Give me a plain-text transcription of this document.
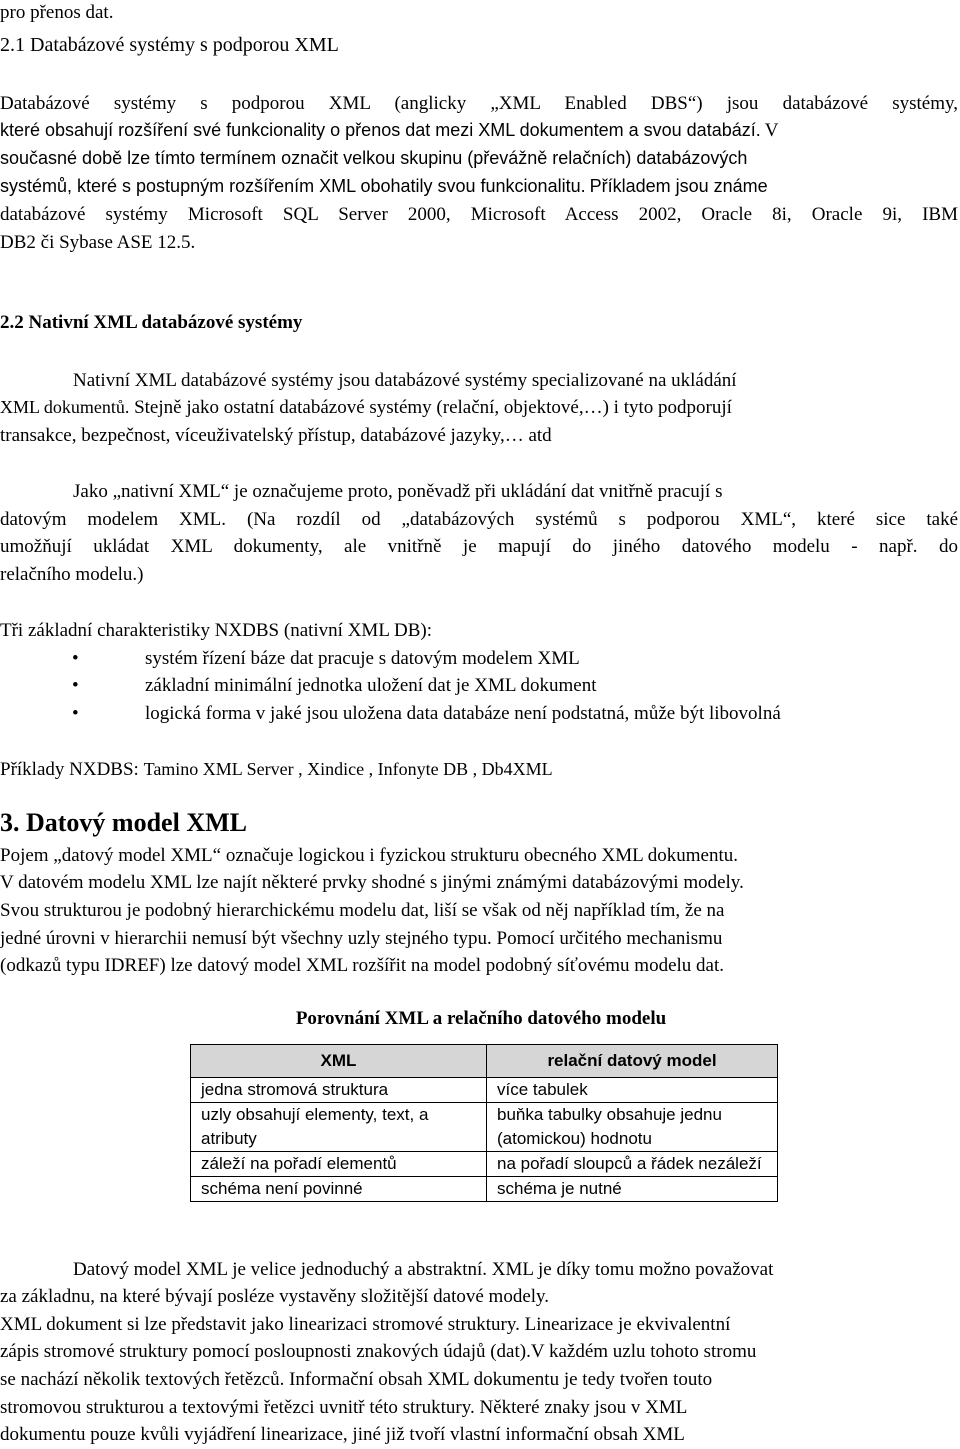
pro přenos dat.
2.1 Databázové systémy s podporou XML
Databázové systémy s podporou XML (anglicky „XML Enabled DBS“) jsou databázové systémy,
které obsahují rozšíření své funkcionality o přenos dat mezi XML dokumentem a svou databází. V
současné době lze tímto termínem označit velkou skupinu (převážně relačních) databázových
systémů, které s postupným rozšířením XML obohatily svou funkcionalitu. Příkladem jsou známe
databázové systémy Microsoft SQL Server 2000, Microsoft Access 2002, Oracle 8i, Oracle 9i, IBM
DB2 či Sybase ASE 12.5.
2.2 Nativní XML databázové systémy
Nativní XML databázové systémy jsou databázové systémy specializované na ukládání
XML dokumentů. Stejně jako ostatní databázové systémy (relační, objektové,…) i tyto podporují
transakce, bezpečnost, víceuživatelský přístup, databázové jazyky,… atd
Jako „nativní XML“ je označujeme proto, poněvadž při ukládání dat vnitřně pracují s
datovým modelem XML. (Na rozdíl od „databázových systémů s podporou XML“, které sice také
umožňují ukládat XML dokumenty, ale vnitřně je mapují do jiného datového modelu - např. do
relačního modelu.)
Tři základní charakteristiky NXDBS (nativní XML DB):
•	systém řízení báze dat pracuje s datovým modelem XML
•	základní minimální jednotka uložení dat je XML dokument
•	logická forma v jaké jsou uložena data databáze není podstatná, může být libovolná
Příklady NXDBS: Tamino XML Server , Xindice , Infonyte DB , Db4XML
3. Datový model XML
Pojem „datový model XML“ označuje logickou i fyzickou strukturu obecného XML dokumentu.
V datovém modelu XML lze najít některé prvky shodné s jinými známými databázovými modely.
Svou strukturou je podobný hierarchickému modelu dat, liší se však od něj například tím, že na
jedné úrovni v hierarchii nemusí být všechny uzly stejného typu. Pomocí určitého mechanismu
(odkazů typu IDREF) lze datový model XML rozšířit na model podobný síťovému modelu dat.
Porovnání XML a relačního datového modelu
XML	relační datový model
jedna stromová struktura	více tabulek
uzly obsahují elementy, text, a atributy	buňka tabulky obsahuje jednu (atomickou) hodnotu
záleží na pořadí elementů	na pořadí sloupců a řádek nezáleží
schéma není povinné	schéma je nutné
Datový model XML je velice jednoduchý a abstraktní. XML je díky tomu možno považovat
za základnu, na které bývají posléze vystavěny složitější datové modely.
XML dokument si lze představit jako linearizaci stromové struktury. Linearizace je ekvivalentní
zápis stromové struktury pomocí posloupnosti znakových údajů (dat).V každém uzlu tohoto stromu
se nachází několik textových řetězců. Informační obsah XML dokumentu je tedy tvořen touto
stromovou strukturou a textovými řetězci uvnitř této struktury. Některé znaky jsou v XML
dokumentu pouze kvůli vyjádření linearizace, jiné již tvoří vlastní informační obsah XML
